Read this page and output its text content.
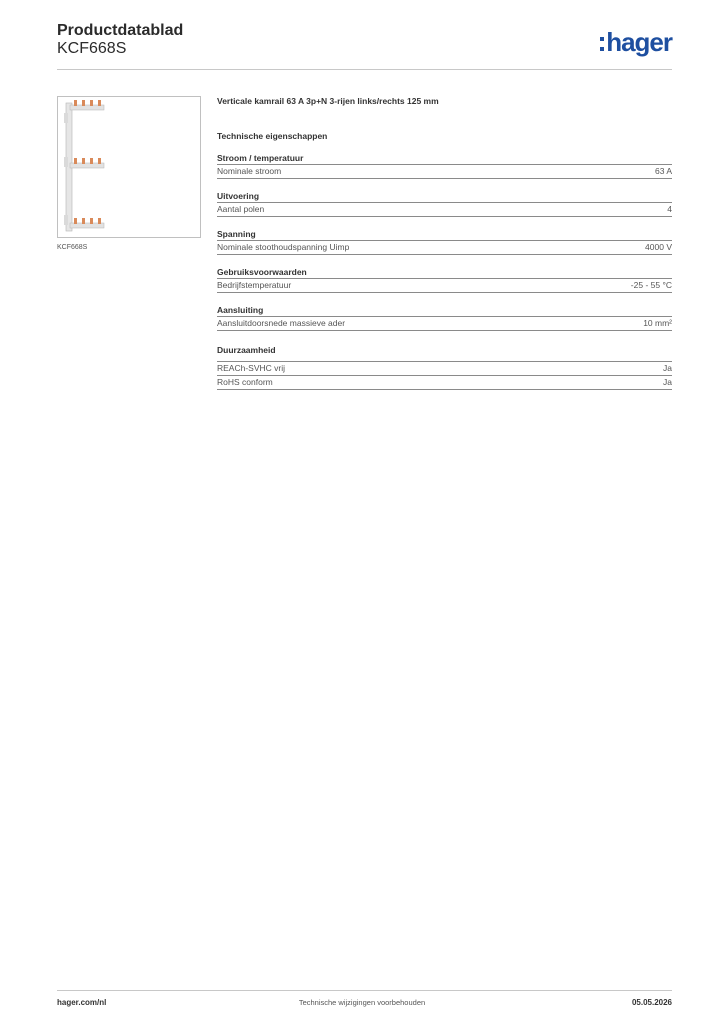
Productdatablad
KCF668S	hager
KCF668S
Verticale kamrail 63 A 3p+N 3-rijen links/rechts 125 mm
Technische eigenschappen
Stroom / temperatuur
Nominale stroom	63 A
Uitvoering
Aantal polen	4
Spanning
Nominale stoothoudspanning Uimp	4000 V
Gebruiksvoorwaarden
Bedrijfstemperatuur	-25 - 55 °C
Aansluiting
Aansluitdoorsnede massieve ader	10 mm²
Duurzaamheid
REACh-SVHC vrij	Ja
RoHS conform	Ja
hager.com/nl	Technische wijzigingen voorbehouden	05.05.2026
